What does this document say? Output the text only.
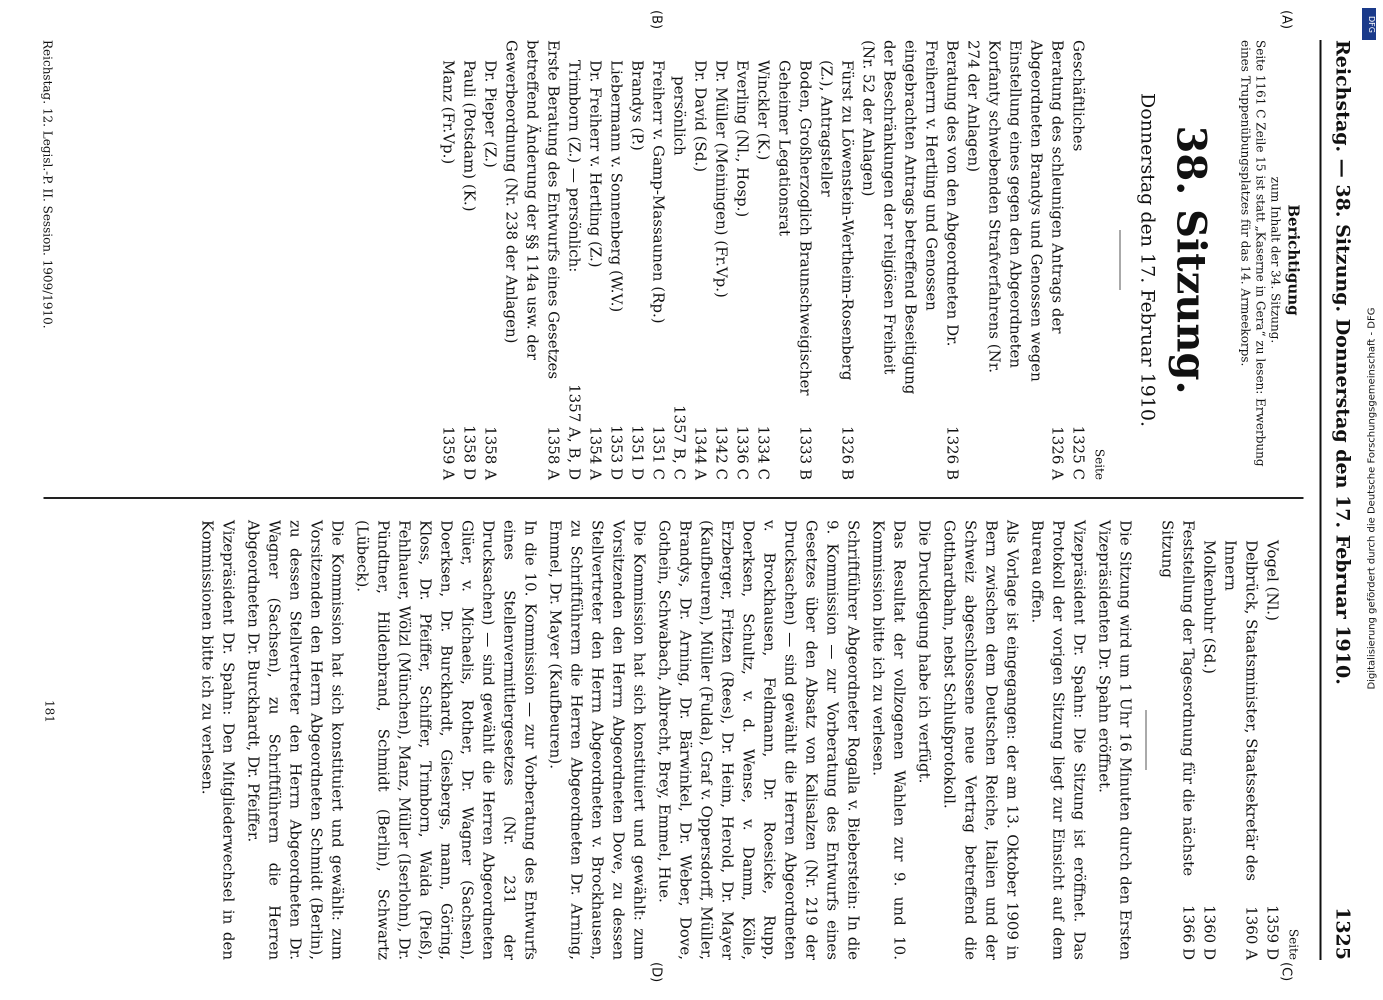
Reichstag. — 38. Sitzung. Donnerstag den 17. Februar 1910.
1325
(A)
(B)
(C)
(D)
Berichtigung
zum Inhalt der 34. Sitzung.
Seite 1161 C Zeile 15 ist statt „Kaserne in Gera“ zu lesen: Erwerbung eines Truppenübungsplatzes für das 14. Armeekorps.
38. Sitzung.
Donnerstag den 17. Februar 1910.
Seite
Geschäftliches
1325 C
Beratung des schleunigen Antrags der Abgeordneten Brandys und Genossen wegen Einstellung eines gegen den Abgeordneten Korfanty schwebenden Strafverfahrens (Nr. 274 der Anlagen)
1326 A
Beratung des von den Abgeordneten Dr. Freiherrn v. Hertling und Genossen eingebrachten Antrags betreffend Beseitigung der Beschränkungen der religiösen Freiheit (Nr. 52 der Anlagen)
1326 B
Fürst zu Löwenstein-Wertheim-Rosenberg (Z.), Antragsteller
1326 B
Boden, Großherzoglich Braunschweigischer Geheimer Legationsrat
1333 B
Winckler (K.)
1334 C
Everling (Nl., Hosp.)
1336 C
Dr. Müller (Meiningen) (Fr.Vp.)
1342 C
Dr. David (Sd.)
1344 A
persönlich
1357 B, C
Freiherr v. Gamp-Massaunen (Rp.)
1351 C
Brandys (P.)
1351 D
Liebermann v. Sonnenberg (W.V.)
1353 D
Dr. Freiherr v. Hertling (Z.)
1354 A
Trimborn (Z.) — persönlich:
1357 A, B, D
Erste Beratung des Entwurfs eines Gesetzes betreffend Änderung der §§ 114a usw. der Gewerbeordnung (Nr. 238 der Anlagen)
1358 A
Dr. Pieper (Z.)
1358 A
Pauli (Potsdam) (K.)
1358 D
Manz (Fr.Vp.)
1359 A
Seite
Vogel (Nl.)
1359 D
Delbrück, Staatsminister, Staatssekretär des Innern
1360 A
Molkenbuhr (Sd.)
1360 D
Feststellung der Tagesordnung für die nächste Sitzung
1366 D

Die Sitzung wird um 1 Uhr 16 Minuten durch den Ersten Vizepräsidenten Dr. Spahn eröffnet.

Vizepräsident Dr. Spahn: Die Sitzung ist eröffnet. Das Protokoll der vorigen Sitzung liegt zur Einsicht auf dem Bureau offen.

Als Vorlage ist eingegangen: der am 13. Oktober 1909 in Bern zwischen dem Deutschen Reiche, Italien und der Schweiz abgeschlossene neue Vertrag betreffend die Gotthardbahn, nebst Schlußprotokoll.

Die Drucklegung habe ich verfügt.

Das Resultat der vollzogenen Wahlen zur 9. und 10. Kommission bitte ich zu verlesen.

Schriftführer Abgeordneter Rogalla v. Bieberstein: In die 9. Kommission — zur Vorberatung des Entwurfs eines Gesetzes über den Absatz von Kalisalzen (Nr. 219 der Drucksachen) — sind gewählt die Herren Abgeordneten v. Brockhausen, Feldmann, Dr. Roesicke, Rupp, Doerksen, Schultz, v. d. Wense, v. Damm, Kölle, Erzberger, Fritzen (Rees), Dr. Heim, Herold, Dr. Mayer (Kaufbeuren), Müller (Fulda), Graf v. Oppersdorff, Müller, Brandys, Dr. Arning, Dr. Bärwinkel, Dr. Weber, Dove, Gothein, Schwabach, Albrecht, Brey, Emmel, Hue.

Die Kommission hat sich konstituiert und gewählt: zum Vorsitzenden den Herrn Abgeordneten Dove, zu dessen Stellvertreter den Herrn Abgeordneten v. Brockhausen, zu Schriftführern die Herren Abgeordneten Dr. Arning, Emmel, Dr. Mayer (Kaufbeuren).

In die 10. Kommission — zur Vorberatung des Entwurfs eines Stellenvermittlergesetzes (Nr. 231 der Drucksachen) — sind gewählt die Herren Abgeordneten Glüer, v. Michaelis, Rother, Dr. Wagner (Sachsen), Doerksen, Dr. Burckhardt, Giesbergs, mann, Göring, Kloss, Dr. Pfeiffer, Schiffer, Trimborn, Waida (Pieß), Fehlhauer, Wölzl (München), Manz, Müller (Iserlohn), Dr. Pündtner, Hildenbrand, Schmidt (Berlin), Schwartz (Lübeck).

Die Kommission hat sich konstituiert und gewählt: zum Vorsitzenden den Herrn Abgeordneten Schmidt (Berlin), zu dessen Stellvertreter den Herrn Abgeordneten Dr. Wagner (Sachsen), zu Schriftführern die Herren Abgeordneten Dr. Burckhardt, Dr. Pfeiffer.

Vizepräsident Dr. Spahn: Den Mitgliederwechsel in den Kommissionen bitte ich zu verlesen.

Reichstag. 12. Legisl.-P. II. Session. 1909/1910.
181
DFG
Digitalisierung gefördert durch die Deutsche Forschungsgemeinschaft - DFG
